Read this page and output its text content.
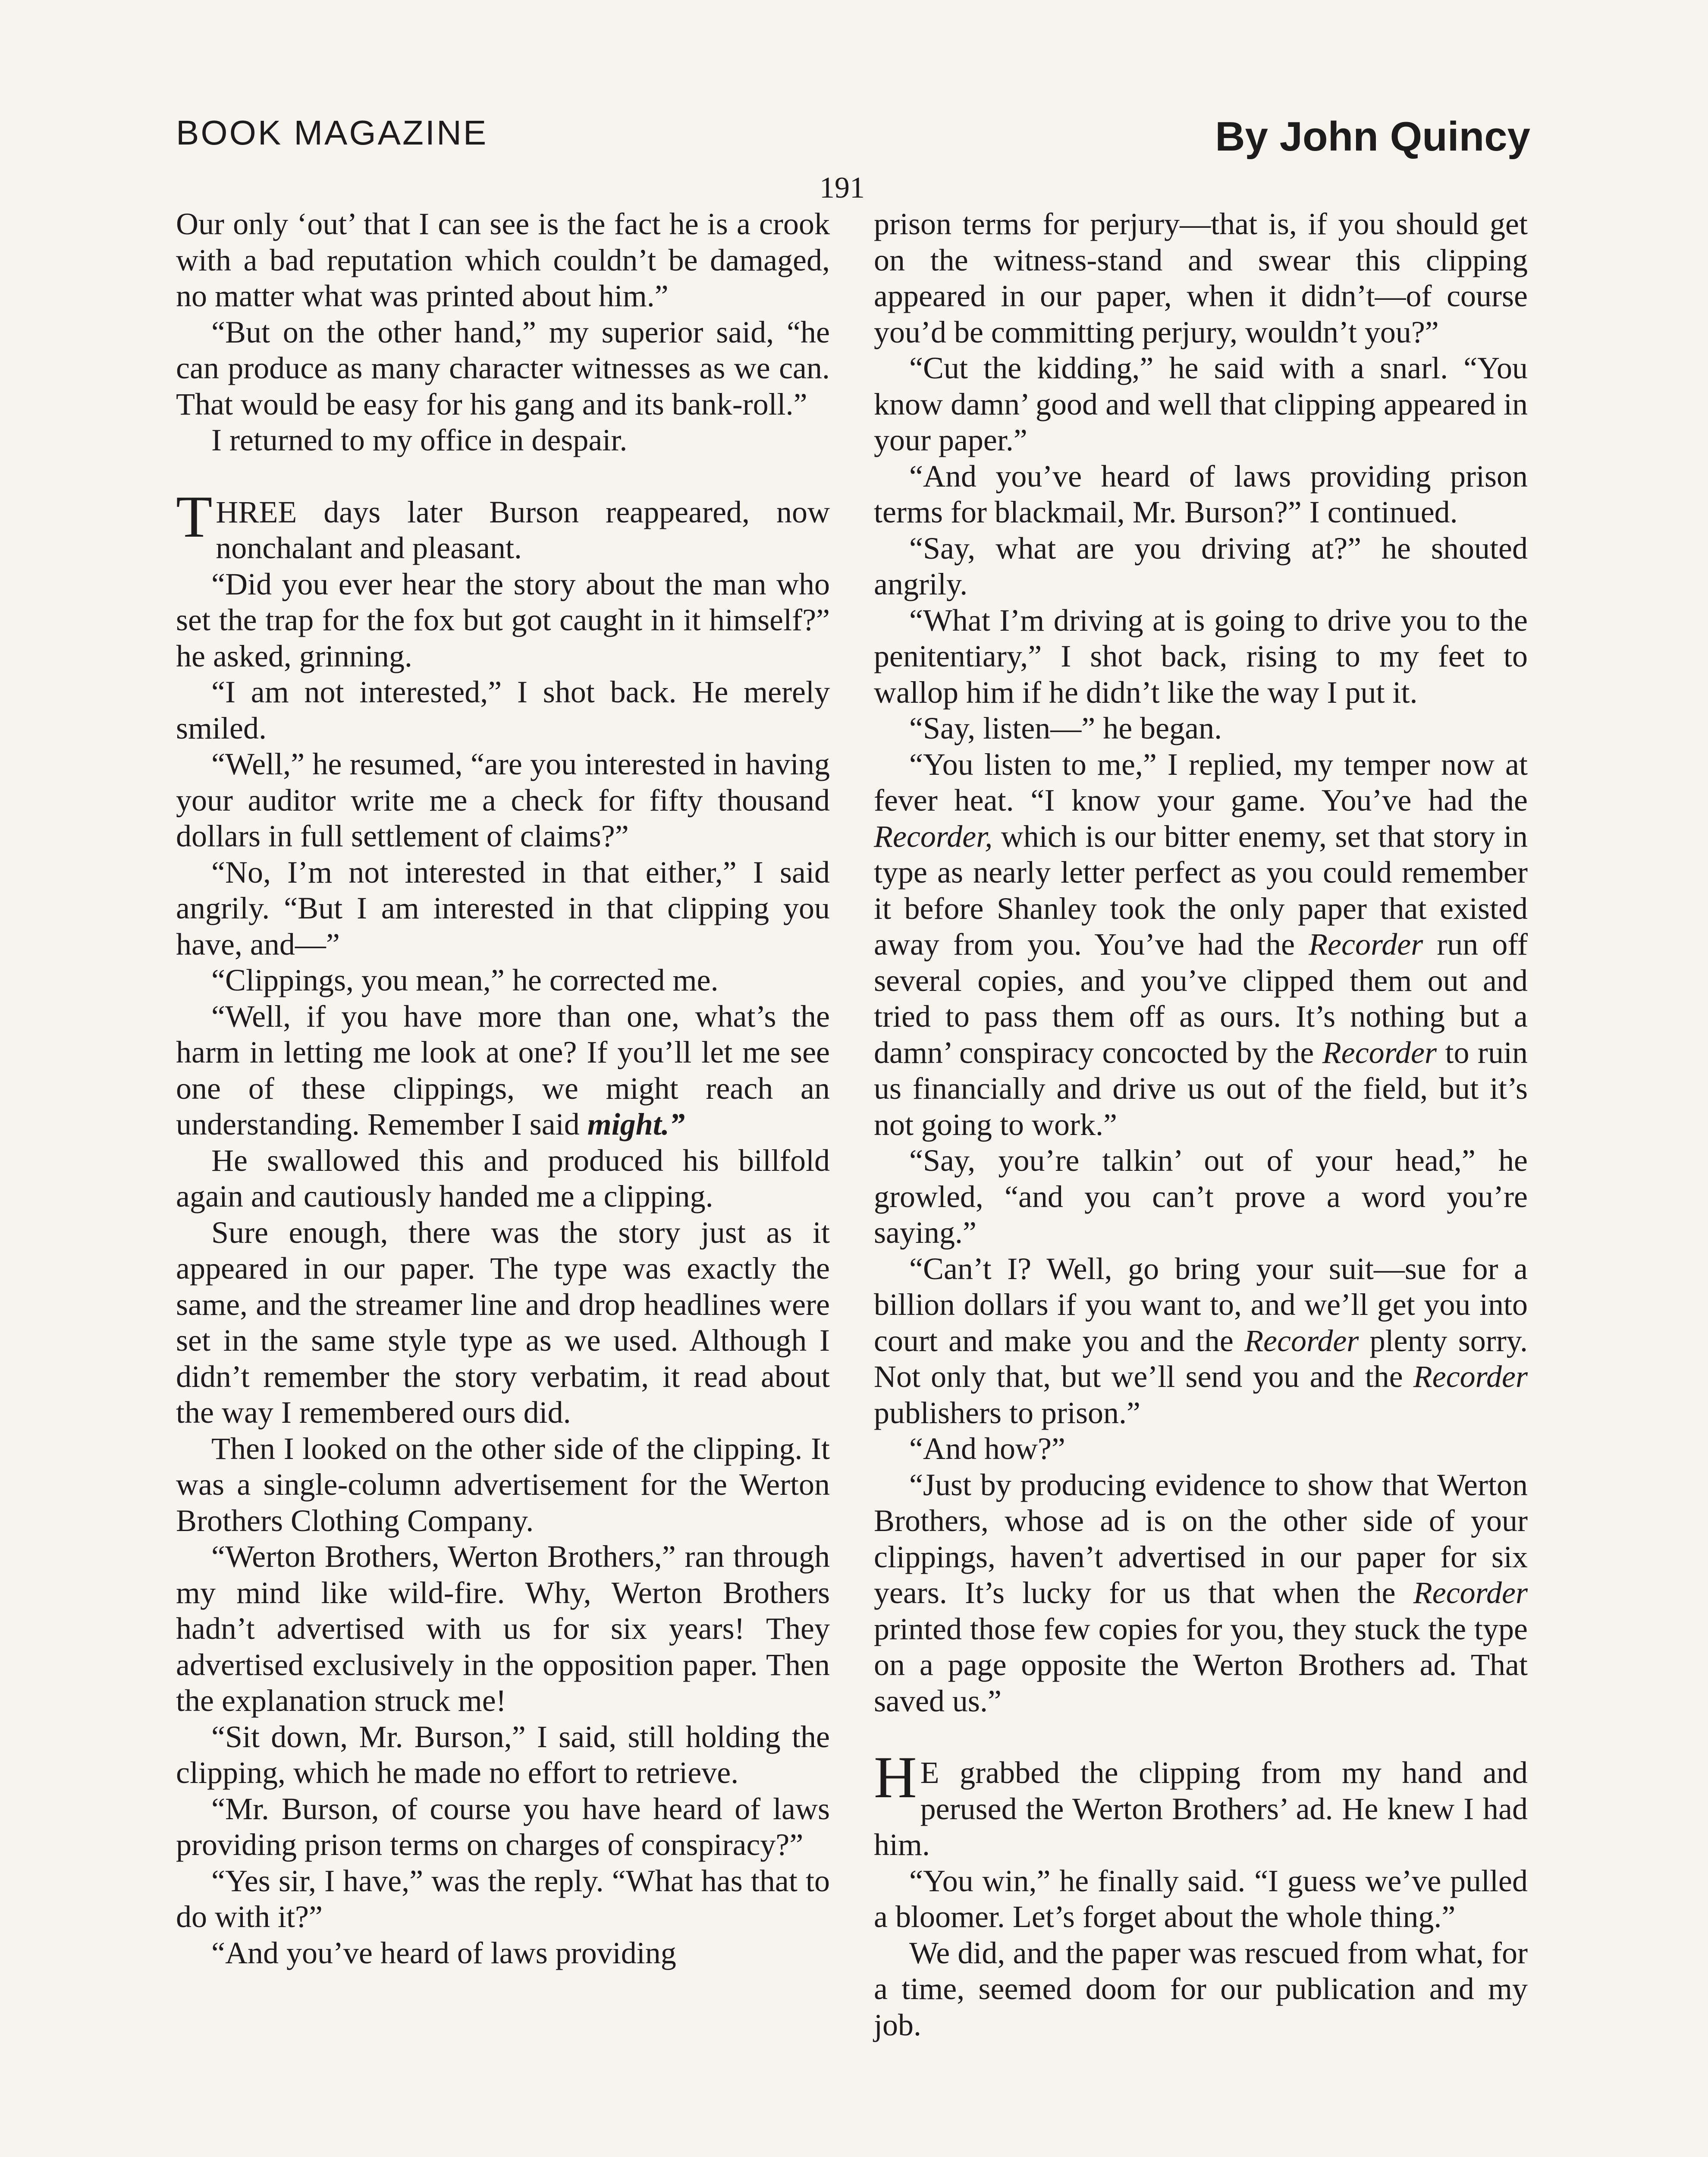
BOOK MAGAZINE	By John Quincy
191

Our only ‘out’ that I can see is the fact he is a crook with a bad reputation which couldn’t be damaged, no matter what was printed about him.”

“But on the other hand,” my superior said, “he can produce as many character witnesses as we can. That would be easy for his gang and its bank-roll.”

I returned to my office in despair.

THREE days later Burson reappeared, now nonchalant and pleasant.

“Did you ever hear the story about the man who set the trap for the fox but got caught in it himself?” he asked, grinning.

“I am not interested,” I shot back. He merely smiled.

“Well,” he resumed, “are you interested in having your auditor write me a check for fifty thousand dollars in full settlement of claims?”

“No, I’m not interested in that either,” I said angrily. “But I am interested in that clipping you have, and—”

“Clippings, you mean,” he corrected me.

“Well, if you have more than one, what’s the harm in letting me look at one? If you’ll let me see one of these clippings, we might reach an understanding. Remember I said might.”

He swallowed this and produced his billfold again and cautiously handed me a clipping.

Sure enough, there was the story just as it appeared in our paper. The type was exactly the same, and the streamer line and drop headlines were set in the same style type as we used. Although I didn’t remember the story verbatim, it read about the way I remembered ours did.

Then I looked on the other side of the clipping. It was a single-column advertisement for the Werton Brothers Clothing Company.

“Werton Brothers, Werton Brothers,” ran through my mind like wild-fire. Why, Werton Brothers hadn’t advertised with us for six years! They advertised exclusively in the opposition paper. Then the explanation struck me!

“Sit down, Mr. Burson,” I said, still holding the clipping, which he made no effort to retrieve.

“Mr. Burson, of course you have heard of laws providing prison terms on charges of conspiracy?”

“Yes sir, I have,” was the reply. “What has that to do with it?”

“And you’ve heard of laws providing

prison terms for perjury—that is, if you should get on the witness-stand and swear this clipping appeared in our paper, when it didn’t—of course you’d be committing perjury, wouldn’t you?”

“Cut the kidding,” he said with a snarl. “You know damn’ good and well that clipping appeared in your paper.”

“And you’ve heard of laws providing prison terms for blackmail, Mr. Burson?” I continued.

“Say, what are you driving at?” he shouted angrily.

“What I’m driving at is going to drive you to the penitentiary,” I shot back, rising to my feet to wallop him if he didn’t like the way I put it.

“Say, listen—” he began.

“You listen to me,” I replied, my temper now at fever heat. “I know your game. You’ve had the Recorder, which is our bitter enemy, set that story in type as nearly letter perfect as you could remember it before Shanley took the only paper that existed away from you. You’ve had the Recorder run off several copies, and you’ve clipped them out and tried to pass them off as ours. It’s nothing but a damn’ conspiracy concocted by the Recorder to ruin us financially and drive us out of the field, but it’s not going to work.”

“Say, you’re talkin’ out of your head,” he growled, “and you can’t prove a word you’re saying.”

“Can’t I? Well, go bring your suit—sue for a billion dollars if you want to, and we’ll get you into court and make you and the Recorder plenty sorry. Not only that, but we’ll send you and the Recorder publishers to prison.”

“And how?”

“Just by producing evidence to show that Werton Brothers, whose ad is on the other side of your clippings, haven’t advertised in our paper for six years. It’s lucky for us that when the Recorder printed those few copies for you, they stuck the type on a page opposite the Werton Brothers ad. That saved us.”

H E grabbed the clipping from my hand and perused the Werton Brothers’ ad. He knew I had him.

“You win,” he finally said. “I guess we’ve pulled a bloomer. Let’s forget about the whole thing.”

We did, and the paper was rescued from what, for a time, seemed doom for our publication and my job.
